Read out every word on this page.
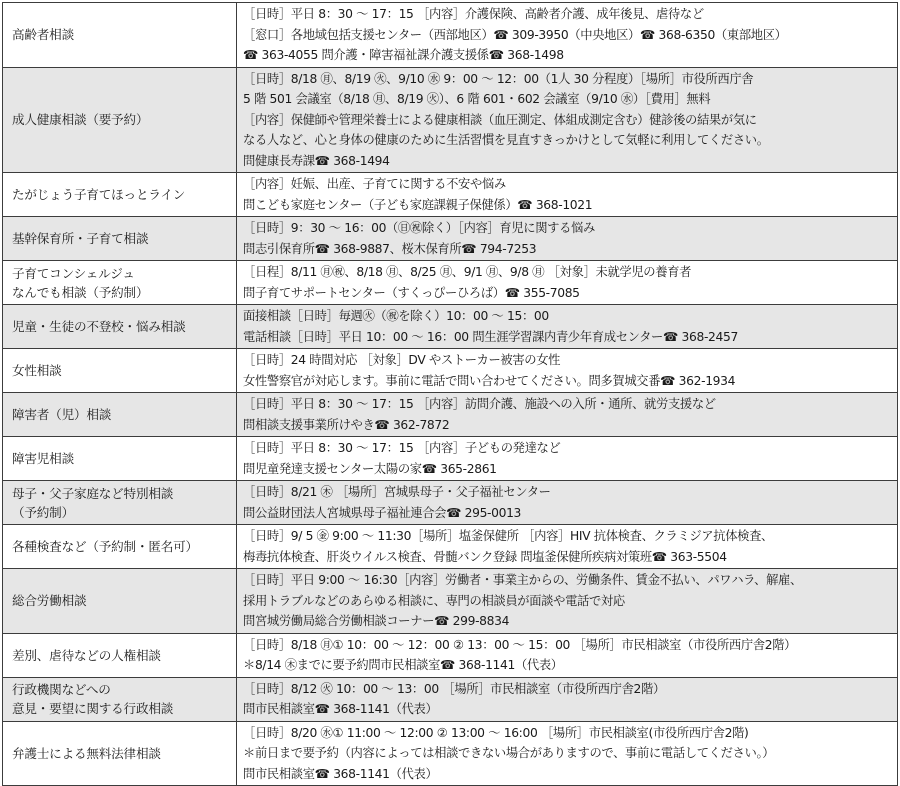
高齢者相談	［日時］平日 8：30 ～ 17：15 ［内容］介護保険、高齢者介護、成年後見、虐待など
［窓口］各地域包括支援センター（西部地区）☎ 309-3950（中央地区）☎ 368-6350（東部地区）
☎ 363-4055 問介護・障害福祉課介護支援係☎ 368-1498

成人健康相談（要予約）	［日時］8/18 ㊊、8/19 ㊋、9/10 ㊌ 9：00 ～ 12：00（1人 30 分程度）［場所］市役所西庁舎
5 階 501 会議室（8/18 ㊊、8/19 ㊋）、6 階 601・602 会議室（9/10 ㊌）［費用］無料
［内容］保健師や管理栄養士による健康相談（血圧測定、体組成測定含む）健診後の結果が気に
なる人など、心と身体の健康のために生活習慣を見直すきっかけとして気軽に利用してください。
問健康長寿課☎ 368-1494

たがじょう子育てほっとライン	［内容］妊娠、出産、子育てに関する不安や悩み
問こども家庭センター（子ども家庭課親子保健係）☎ 368-1021

基幹保育所・子育て相談	［日時］9：30 ～ 16：00（㊐㊗除く）［内容］育児に関する悩み
問志引保育所☎ 368-9887、桜木保育所☎ 794-7253

子育てコンシェルジュ
なんでも相談（予約制）	［日程］8/11 ㊊㊗、8/18 ㊊、8/25 ㊊、9/1 ㊊、9/8 ㊊ ［対象］未就学児の養育者
問子育てサポートセンター（すくっぴーひろば）☎ 355-7085

児童・生徒の不登校・悩み相談	面接相談［日時］毎週㊋（㊗を除く）10：00 ～ 15：00
電話相談［日時］平日 10：00 ～ 16：00 問生涯学習課内青少年育成センター☎ 368-2457

女性相談	［日時］24 時間対応 ［対象］DV やストーカー被害の女性
女性警察官が対応します。事前に電話で問い合わせてください。問多賀城交番☎ 362-1934

障害者（児）相談	［日時］平日 8：30 ～ 17：15 ［内容］訪問介護、施設への入所・通所、就労支援など
問相談支援事業所けやき☎ 362-7872

障害児相談	［日時］平日 8：30 ～ 17：15 ［内容］子どもの発達など
問児童発達支援センター太陽の家☎ 365-2861

母子・父子家庭など特別相談
（予約制）	［日時］8/21 ㊍ ［場所］宮城県母子・父子福祉センター
問公益財団法人宮城県母子福祉連合会☎ 295-0013

各種検査など（予約制・匿名可）	［日時］9/ 5 ㊎ 9:00 ～ 11:30［場所］塩釜保健所 ［内容］HIV 抗体検査、クラミジア抗体検査、
梅毒抗体検査、肝炎ウイルス検査、骨髄バンク登録 問塩釜保健所疾病対策班☎ 363-5504

総合労働相談	［日時］平日 9:00 ～ 16:30［内容］労働者・事業主からの、労働条件、賃金不払い、パワハラ、解雇、
採用トラブルなどのあらゆる相談に、専門の相談員が面談や電話で対応
問宮城労働局総合労働相談コーナー☎ 299-8834

差別、虐待などの人権相談	［日時］8/18 ㊊① 10：00 ～ 12：00 ② 13：00 ～ 15：00 ［場所］市民相談室（市役所西庁舎2階）
＊8/14 ㊍までに要予約問市民相談室☎ 368-1141（代表）

行政機関などへの
意見・要望に関する行政相談	［日時］8/12 ㊋ 10：00 ～ 13：00 ［場所］市民相談室（市役所西庁舎2階）
問市民相談室☎ 368-1141（代表）

弁護士による無料法律相談	［日時］8/20 ㊌① 11:00 ～ 12:00 ② 13:00 ～ 16:00 ［場所］市民相談室(市役所西庁舎2階)
＊前日まで要予約（内容によっては相談できない場合がありますので、事前に電話してください。）
問市民相談室☎ 368-1141（代表）
